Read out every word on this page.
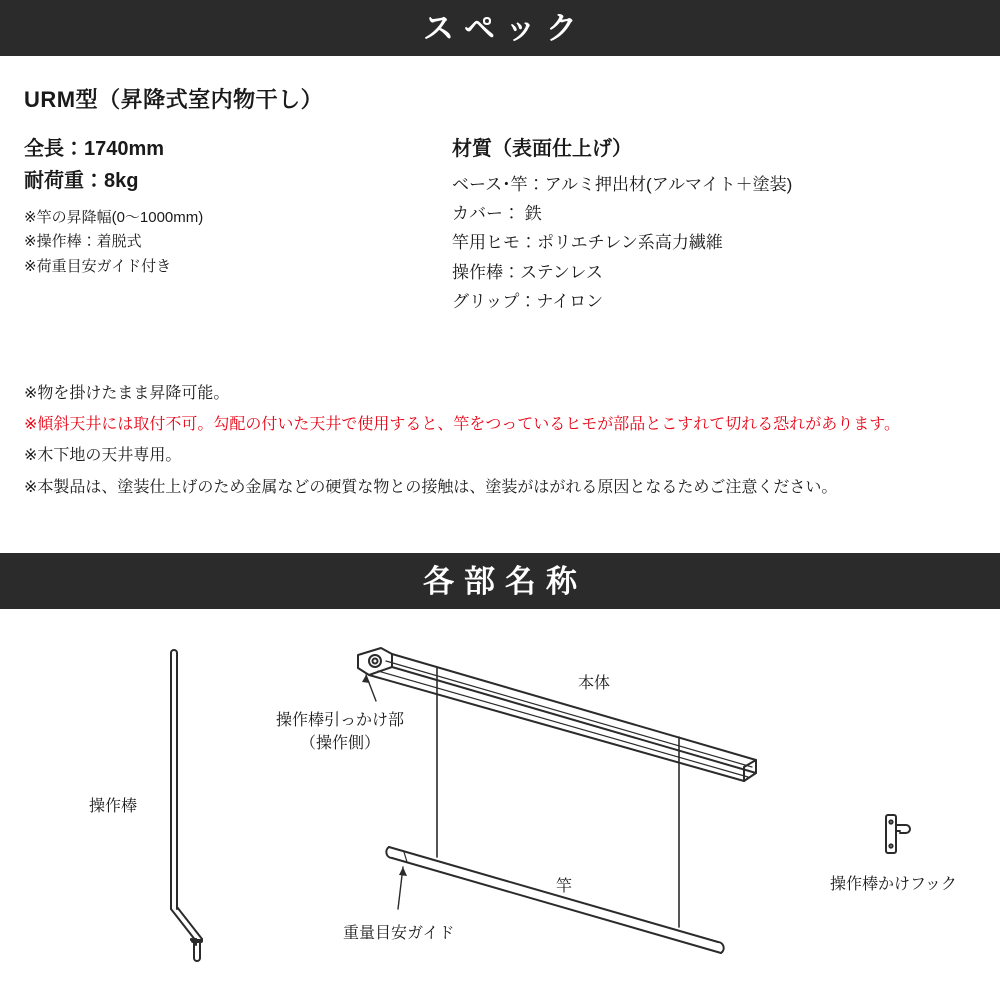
スペック
URM型（昇降式室内物干し）

全長：1740mm

耐荷重：8kg

※竿の昇降幅(0〜1000mm)

※操作棒：着脱式

※荷重目安ガイド付き

材質（表面仕上げ）

ベース･竿：アルミ押出材(アルマイト＋塗装)

カバー： 鉄

竿用ヒモ：ポリエチレン系高力繊維

操作棒：ステンレス

グリップ：ナイロン

※物を掛けたまま昇降可能。

※傾斜天井には取付不可。勾配の付いた天井で使用すると、竿をつっているヒモが部品とこすれて切れる恐れがあります。

※木下地の天井専用。

※本製品は、塗装仕上げのため金属などの硬質な物との接触は、塗装がはがれる原因となるためご注意ください。

各部名称
操作棒
操作棒引っかけ部
（操作側）
本体
重量目安ガイド
竿	操作棒かけフック
